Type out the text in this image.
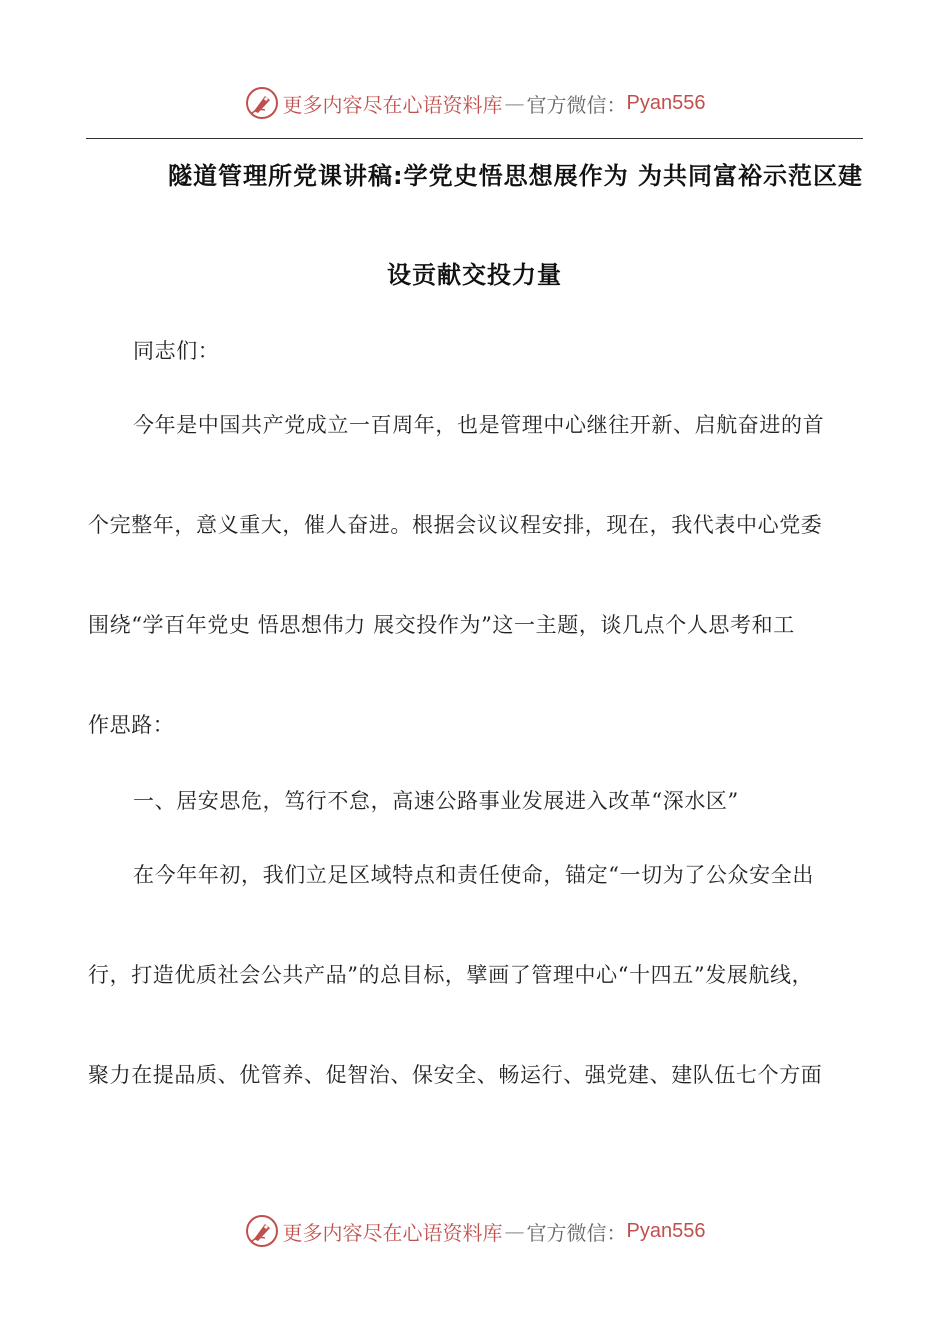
更多内容尽在心语资料库 — 官方微信： Pyan556
隧道管理所党课讲稿:学党史悟思想展作为 为共同富裕示范区建
设贡献交投力量
同志们：
今年是中国共产党成立一百周年，也是管理中心继往开新、启航奋进的首
个完整年，意义重大，催人奋进。根据会议议程安排，现在，我代表中心党委
围绕“学百年党史 悟思想伟力 展交投作为”这一主题，谈几点个人思考和工
作思路：
一、居安思危，笃行不怠，高速公路事业发展进入改革“深水区”
在今年年初，我们立足区域特点和责任使命，锚定“一切为了公众安全出
行，打造优质社会公共产品”的总目标，擘画了管理中心“十四五”发展航线，
聚力在提品质、优管养、促智治、保安全、畅运行、强党建、建队伍七个方面
更多内容尽在心语资料库 — 官方微信： Pyan556
